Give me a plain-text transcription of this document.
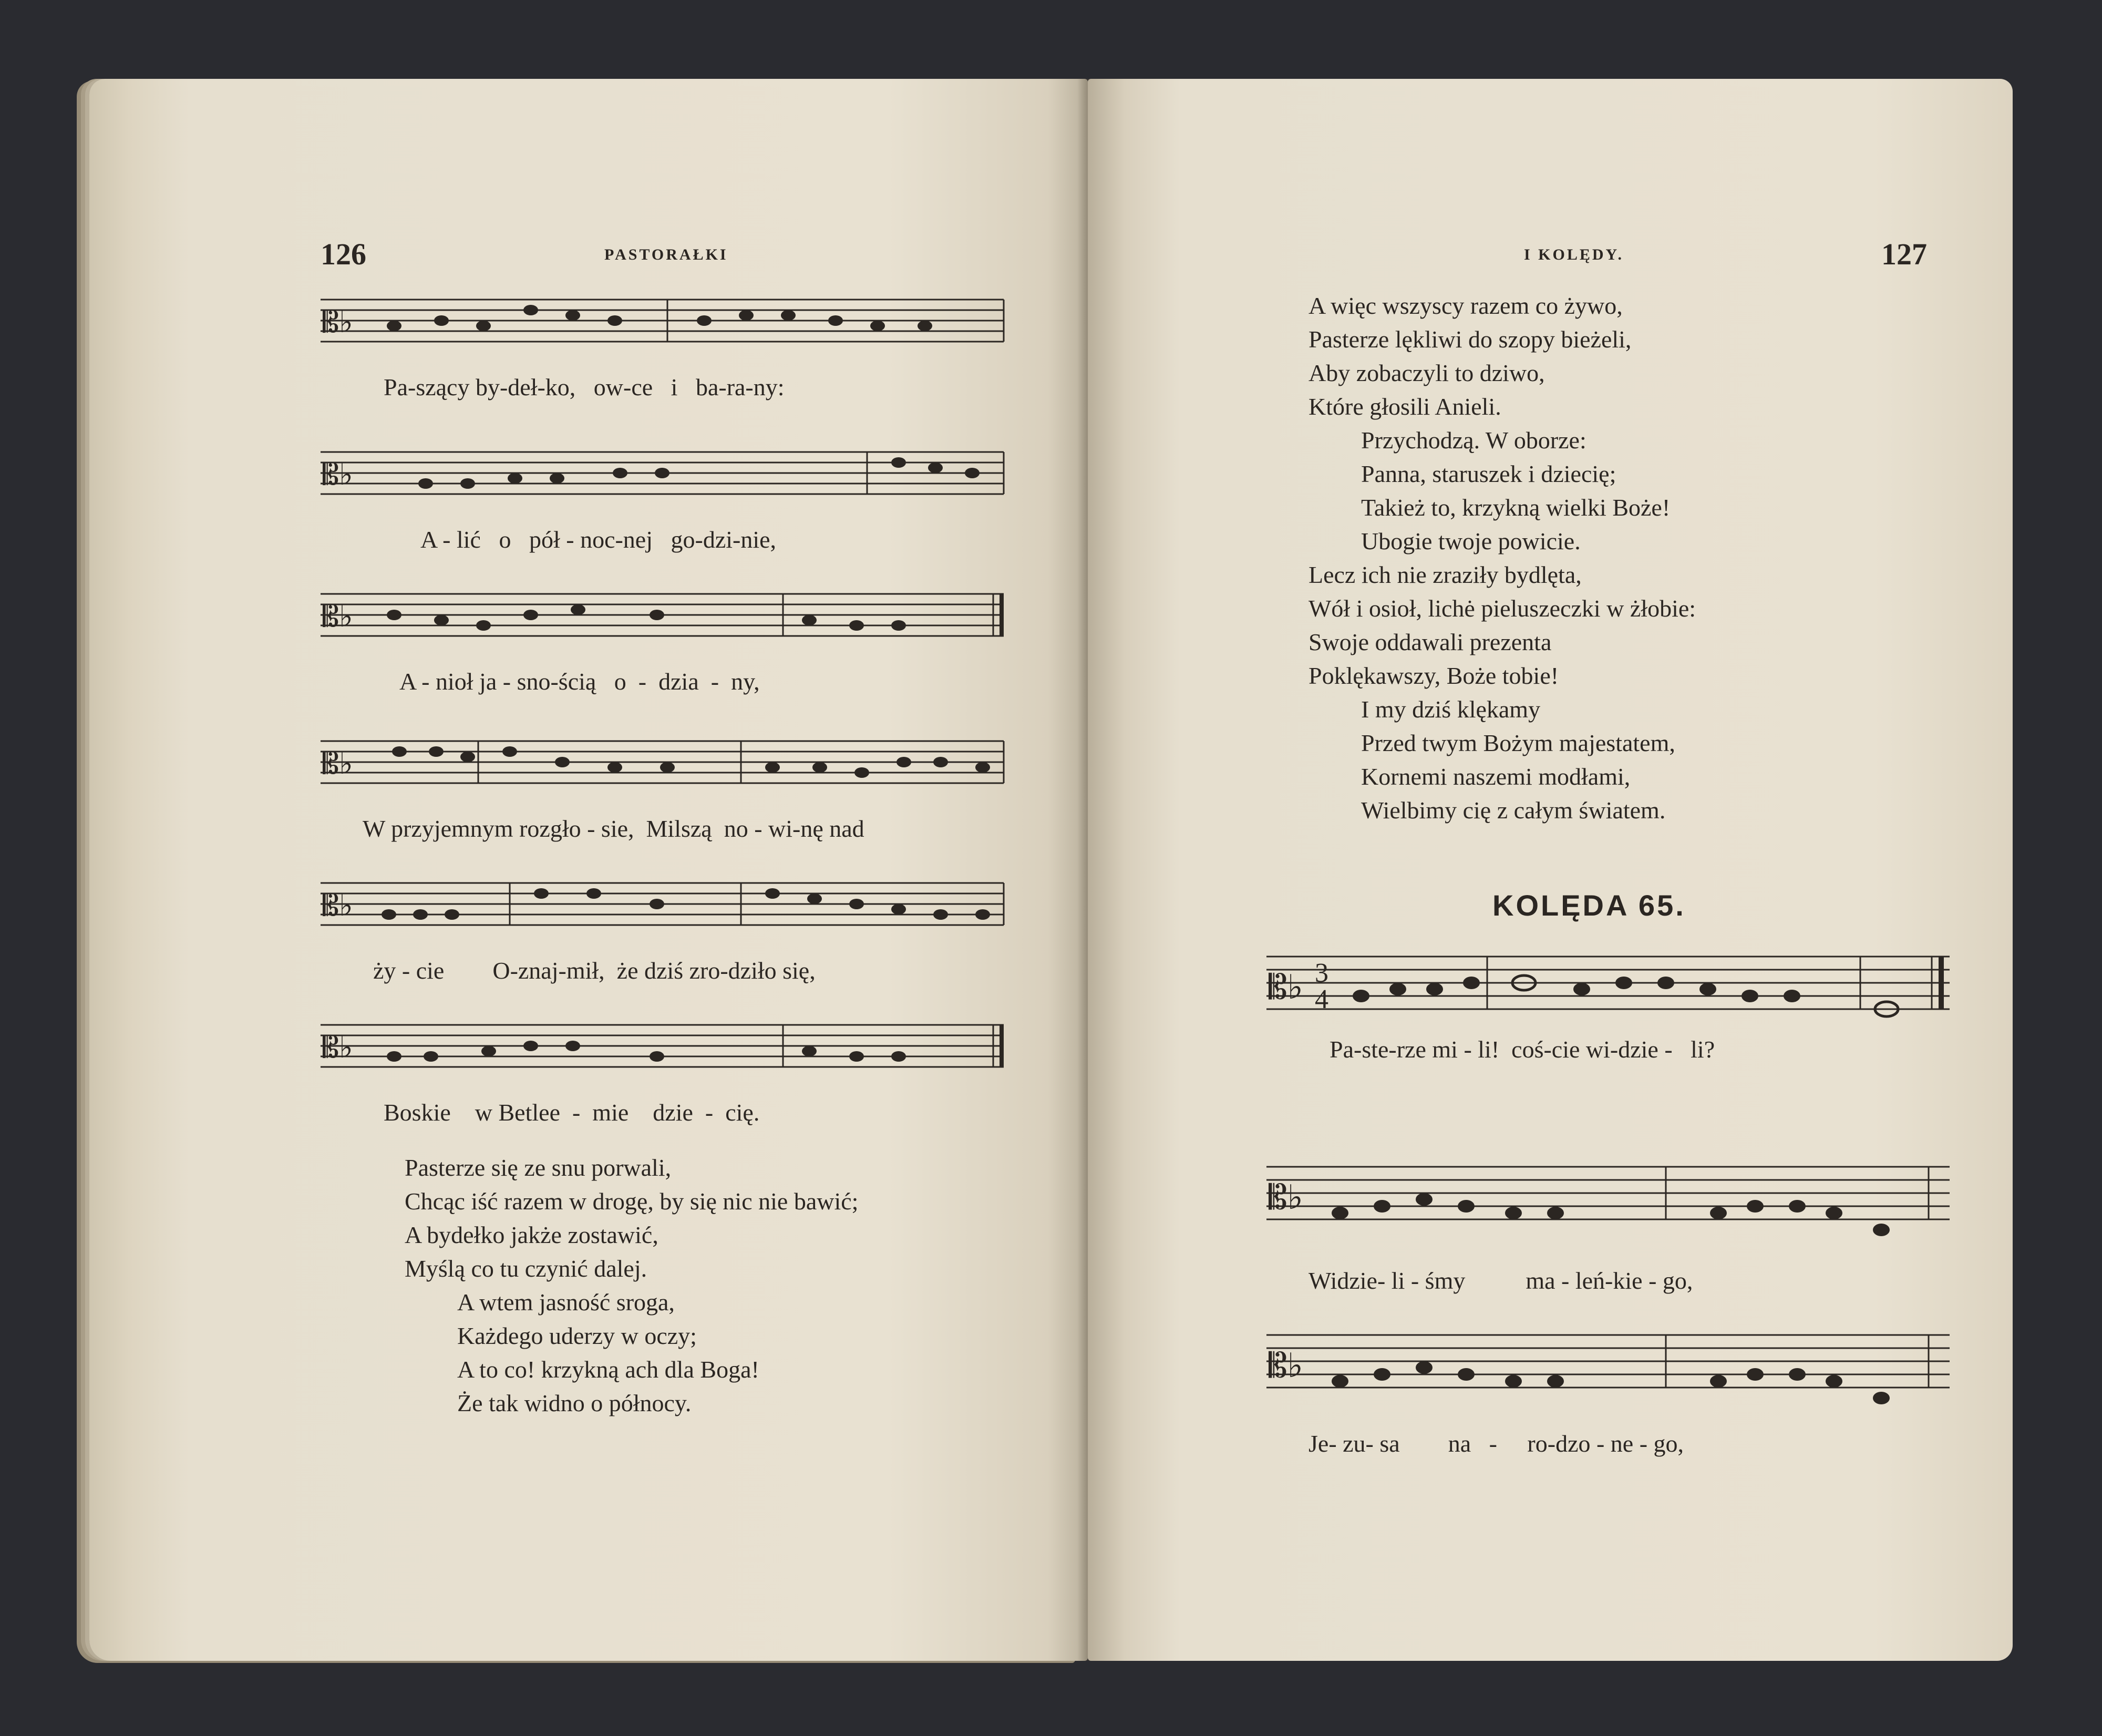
126	PASTORAŁKI
𝄡♭
Pa-szący by-deł-ko,   ow-ce   i   ba-ra-ny:
𝄡♭
A - lić   o   pół - noc-nej   go-dzi-nie,
𝄡♭
A - nioł ja - sno-ścią   o  -  dzia  -  ny,
𝄡♭
W przyjemnym rozgło - sie,  Milszą  no - wi-nę nad
𝄡♭
ży - cie        O-znaj-mił,  że dziś zro-dziło się,
𝄡♭
Boskie    w Betlee  -  mie    dzie  -  cię.
Pasterze się ze snu porwali,
Chcąc iść razem w drogę, by się nic nie bawić;
A bydełko jakże zostawić,
Myślą co tu czynić dalej.
A wtem jasność sroga,
Każdego uderzy w oczy;
A to co! krzykną ach dla Boga!
Że tak widno o północy.
I KOLĘDY.	127
A więc wszyscy razem co żywo,
Pasterze lękliwi do szopy bieżeli,
Aby zobaczyli to dziwo,
Które głosili Anieli.
Przychodzą. W oborze:
Panna, staruszek i dziecię;
Takież to, krzykną wielki Boże!
Ubogie twoje powicie.
Lecz ich nie zraziły bydlęta,
Wół i osioł, lichė pieluszeczki w żłobie:
Swoje oddawali prezenta
Poklękawszy, Boże tobie!
I my dziś klękamy
Przed twym Bożym majestatem,
Kornemi naszemi modłami,
Wielbimy cię z całym światem.
KOLĘDA 65.
𝄡♭ 3
4
Pa-ste-rze mi - li!  coś-cie wi-dzie -   li?
𝄡♭
Widzie- li - śmy          ma - leń-kie - go,
𝄡♭
Je- zu- sa        na   -     ro-dzo - ne - go,
